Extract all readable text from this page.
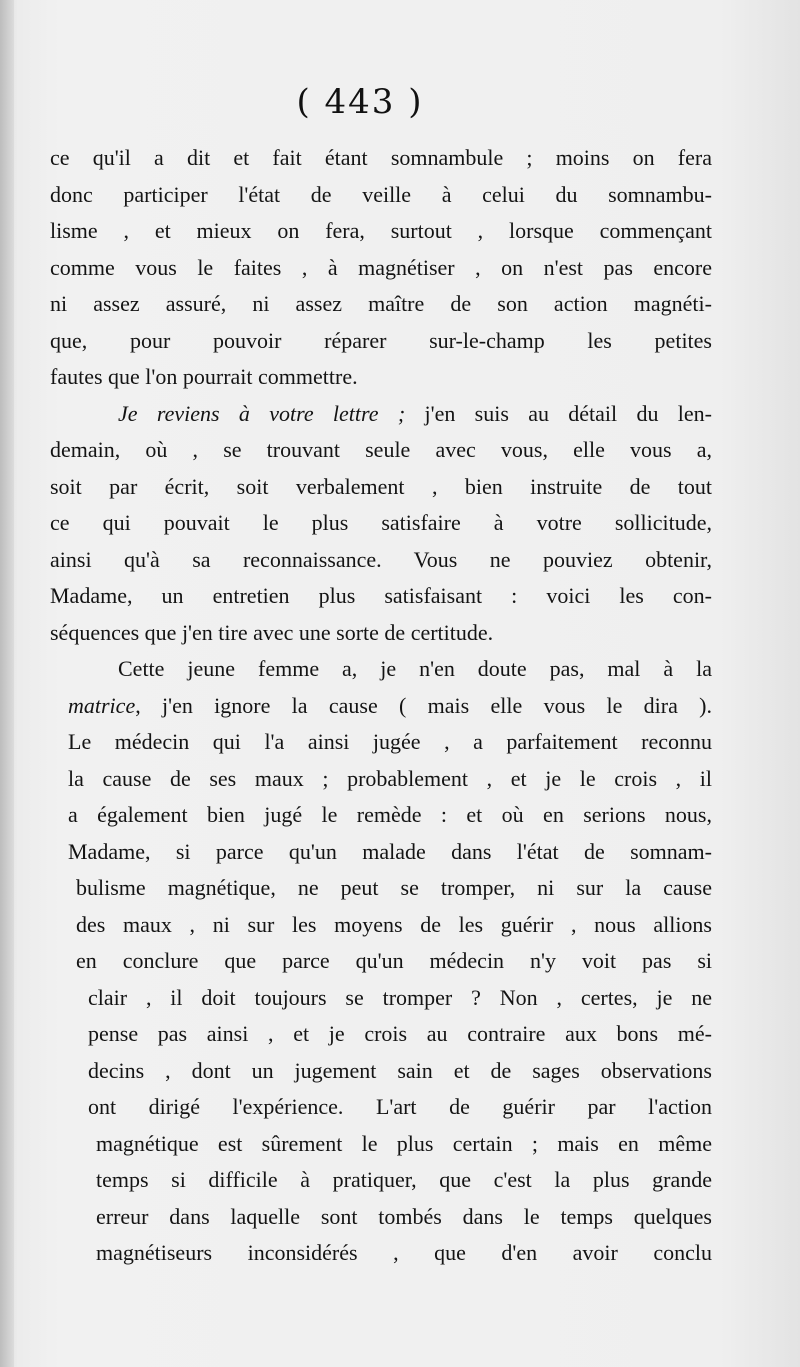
( 443 )
ce qu'il a dit et fait étant somnambule ; moins on fera
donc participer l'état de veille à celui du somnambu-
lisme , et mieux on fera, surtout , lorsque commençant
comme vous le faites , à magnétiser , on n'est pas encore
ni assez assuré, ni assez maître de son action magnéti-
que, pour pouvoir réparer sur-le-champ les petites
fautes que l'on pourrait commettre.
Je reviens à votre lettre ; j'en suis au détail du len-
demain, où , se trouvant seule avec vous, elle vous a,
soit par écrit, soit verbalement , bien instruite de tout
ce qui pouvait le plus satisfaire à votre sollicitude,
ainsi qu'à sa reconnaissance. Vous ne pouviez obtenir,
Madame, un entretien plus satisfaisant : voici les con-
séquences que j'en tire avec une sorte de certitude.
Cette jeune femme a, je n'en doute pas, mal à la
matrice, j'en ignore la cause ( mais elle vous le dira ).
Le médecin qui l'a ainsi jugée , a parfaitement reconnu
la cause de ses maux ; probablement , et je le crois , il
a également bien jugé le remède : et où en serions nous,
Madame, si parce qu'un malade dans l'état de somnam-
bulisme magnétique, ne peut se tromper, ni sur la cause
des maux , ni sur les moyens de les guérir , nous allions
en conclure que parce qu'un médecin n'y voit pas si
clair , il doit toujours se tromper ? Non , certes, je ne
pense pas ainsi , et je crois au contraire aux bons mé-
decins , dont un jugement sain et de sages observations
ont dirigé l'expérience. L'art de guérir par l'action
magnétique est sûrement le plus certain ; mais en même
temps si difficile à pratiquer, que c'est la plus grande
erreur dans laquelle sont tombés dans le temps quelques
magnétiseurs inconsidérés , que d'en avoir conclu
